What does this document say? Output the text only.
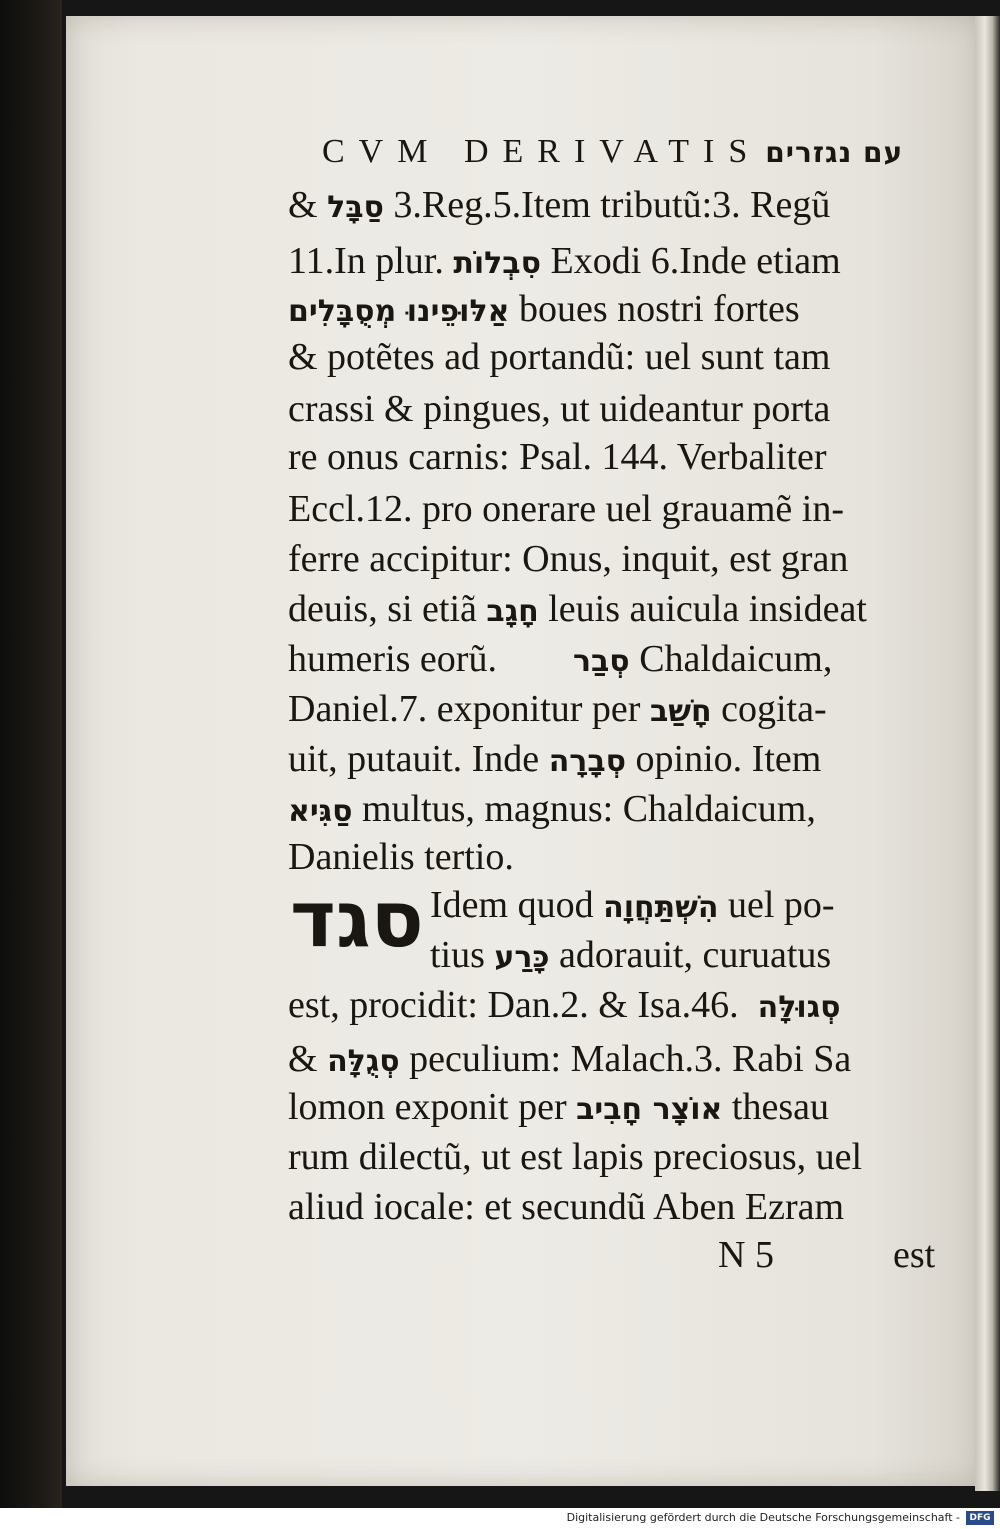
CVM DERIVATIS עם נגזרים
& סַבָּל 3.Reg.5.Item tributũ:3. Regũ
11.In plur. סִבְלוֹת Exodi 6.Inde etiam
אַלּוּפֵינוּ מְסֻבָּלִים boues nostri fortes
& potẽtes ad portandũ: uel sunt tam
crassi & pingues, ut uideantur porta
re onus carnis: Psal. 144. Verbaliter
Eccl.12. pro onerare uel grauamẽ in-
ferre accipitur: Onus, inquit, est gran
deuis, si etiã חָגָב leuis auicula insideat
humeris eorũ.        סְבַר Chaldaicum,
Daniel.7. exponitur per חָשַׁב cogita-
uit, putauit. Inde סְבָרָה opinio. Item
סַגִּיא multus, magnus: Chaldaicum,
Danielis tertio.
סגד Idem quod הִשְׁתַּחֲוָה uel po-
tius כָּרַע adorauit, curuatus
est, procidit: Dan.2. & Isa.46.  סְגוּלָּה
& סְגֻלָּה peculium: Malach.3. Rabi Sa
lomon exponit per אוֹצָר חָבִיב thesau
rum dilectũ, ut est lapis preciosus, uel
aliud iocale: et secundũ Aben Ezram
N 5	est
Digitalisierung gefördert durch die Deutsche Forschungsgemeinschaft -	DFG
